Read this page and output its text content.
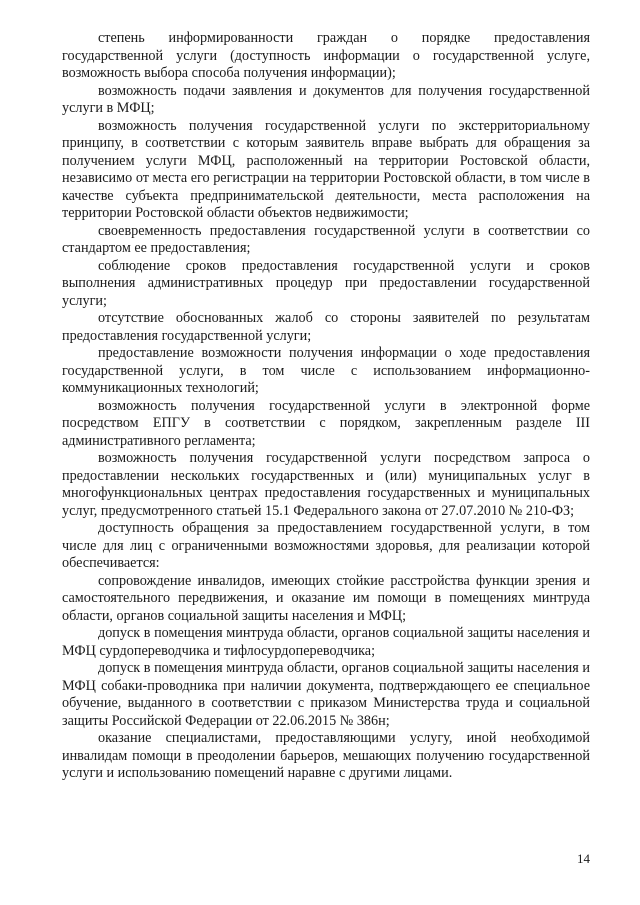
степень информированности граждан о порядке предоставления государственной услуги (доступность информации о государственной услуге, возможность выбора способа получения информации);

возможность подачи заявления и документов для получения государственной услуги в МФЦ;

возможность получения государственной услуги по экстерриториальному принципу, в соответствии с которым заявитель вправе выбрать для обращения за получением услуги МФЦ, расположенный на территории Ростовской области, независимо от места его регистрации на территории Ростовской области, в том числе в качестве субъекта предпринимательской деятельности, места расположения на территории Ростовской области объектов недвижимости;

своевременность предоставления государственной услуги в соответствии со стандартом ее предоставления;

соблюдение сроков предоставления государственной услуги и сроков выполнения административных процедур при предоставлении государственной услуги;

отсутствие обоснованных жалоб со стороны заявителей по результатам предоставления государственной услуги;

предоставление возможности получения информации о ходе предоставления государственной услуги, в том числе с использованием информационно-коммуникационных технологий;

возможность получения государственной услуги в электронной форме посредством ЕПГУ в соответствии с порядком, закрепленным разделе III административного регламента;

возможность получения государственной услуги посредством запроса о предоставлении нескольких государственных и (или) муниципальных услуг в многофункциональных центрах предоставления государственных и муниципальных услуг, предусмотренного статьей 15.1 Федерального закона от 27.07.2010 № 210-ФЗ;

доступность обращения за предоставлением государственной услуги, в том числе для лиц с ограниченными возможностями здоровья, для реализации которой обеспечивается:

сопровождение инвалидов, имеющих стойкие расстройства функции зрения и самостоятельного передвижения, и оказание им помощи в помещениях минтруда области, органов социальной защиты населения и МФЦ;

допуск в помещения минтруда области, органов социальной защиты населения и МФЦ сурдопереводчика и тифлосурдопереводчика;

допуск в помещения минтруда области, органов социальной защиты населения и МФЦ собаки-проводника при наличии документа, подтверждающего ее специальное обучение, выданного в соответствии с приказом Министерства труда и социальной защиты Российской Федерации от 22.06.2015 № 386н;

оказание специалистами, предоставляющими услугу, иной необходимой инвалидам помощи в преодолении барьеров, мешающих получению государственной услуги и использованию помещений наравне с другими лицами.

14
